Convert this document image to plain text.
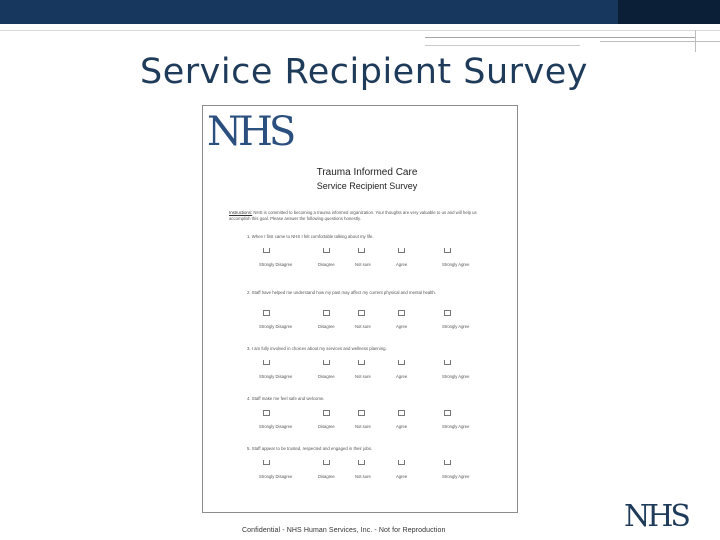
Service Recipient Survey
NHS
Trauma Informed Care
Service Recipient Survey
Instructions: NHS is committed to becoming a trauma informed organization. Your thoughts are very valuable to us and will help us accomplish this goal. Please answer the following questions honestly.
1. When I first came to NHS I felt comfortable talking about my life.
Strongly Disagree	Disagree	Not sure	Agree	Strongly Agree
2. Staff have helped me understand how my past may affect my current physical and mental health.
Strongly Disagree	Disagree	Not sure	Agree	Strongly Agree
3. I am fully involved in choices about my services and wellness planning.
Strongly Disagree	Disagree	Not sure	Agree	Strongly Agree
4. Staff make me feel safe and welcome.
Strongly Disagree	Disagree	Not sure	Agree	Strongly Agree
5. Staff appear to be trusted, respected and engaged in their jobs.
Strongly Disagree	Disagree	Not sure	Agree	Strongly Agree
Confidential - NHS Human Services, Inc. - Not for Reproduction	NHS
